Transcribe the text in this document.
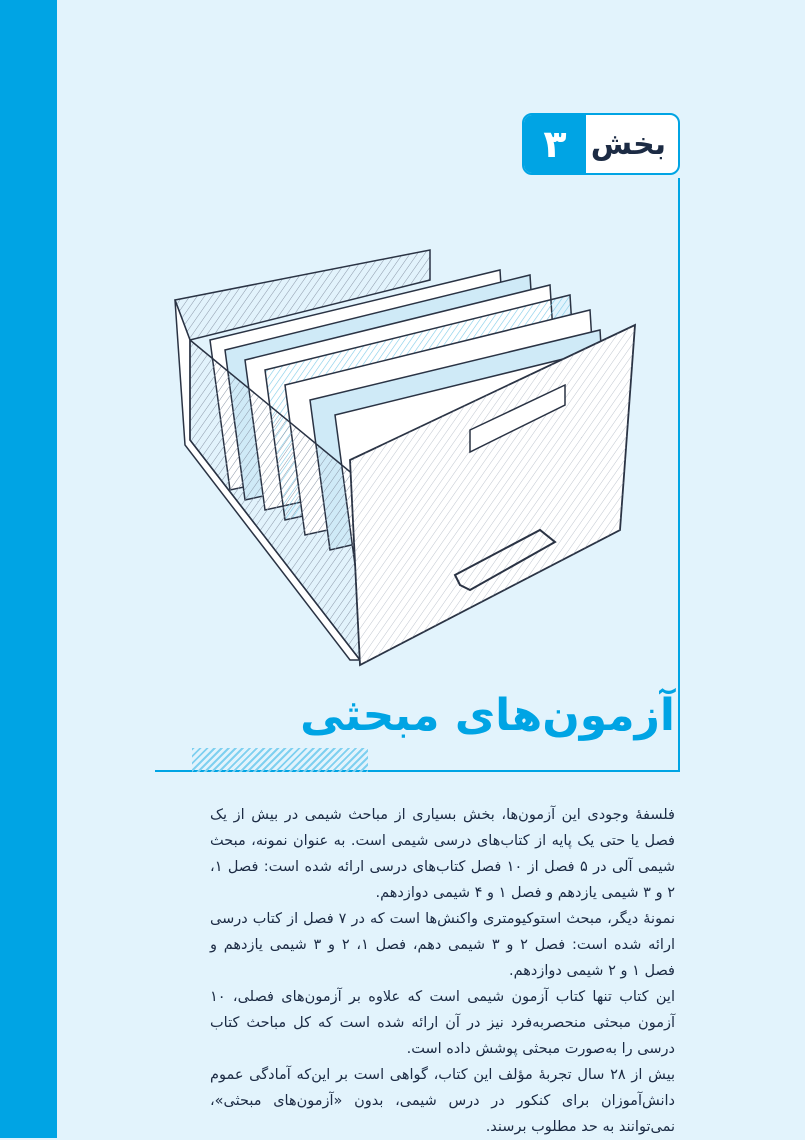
۳ بخش
آزمون‌های مبحثی

فلسفهٔ وجودی این آزمون‌ها، بخش بسیاری از مباحث شیمی در بیش از یک فصل یا حتی یک پایه از کتاب‌های درسی شیمی است. به عنوان نمونه، مبحث شیمی آلی در ۵ فصل از ۱۰ فصل کتاب‌های درسی ارائه شده است: فصل ۱، ۲ و ۳ شیمی یازدهم و فصل ۱ و ۴ شیمی دوازدهم.

نمونهٔ دیگر، مبحث استوکیومتری واکنش‌ها است که در ۷ فصل از کتاب درسی ارائه شده است: فصل ۲ و ۳ شیمی دهم، فصل ۱، ۲ و ۳ شیمی یازدهم و فصل ۱ و ۲ شیمی دوازدهم.

این کتاب تنها کتاب آزمون شیمی است که علاوه بر آزمون‌های فصلی، ۱۰ آزمون مبحثی منحصربه‌فرد نیز در آن ارائه شده است که کل مباحث کتاب درسی را به‌صورت مبحثی پوشش داده است.

بیش از ۲۸ سال تجربهٔ مؤلف این کتاب، گواهی است بر این‌که آمادگی عموم دانش‌آموزان برای کنکور در درس شیمی، بدون «آزمون‌های مبحثی»، نمی‌توانند به حد مطلوب برسند.
